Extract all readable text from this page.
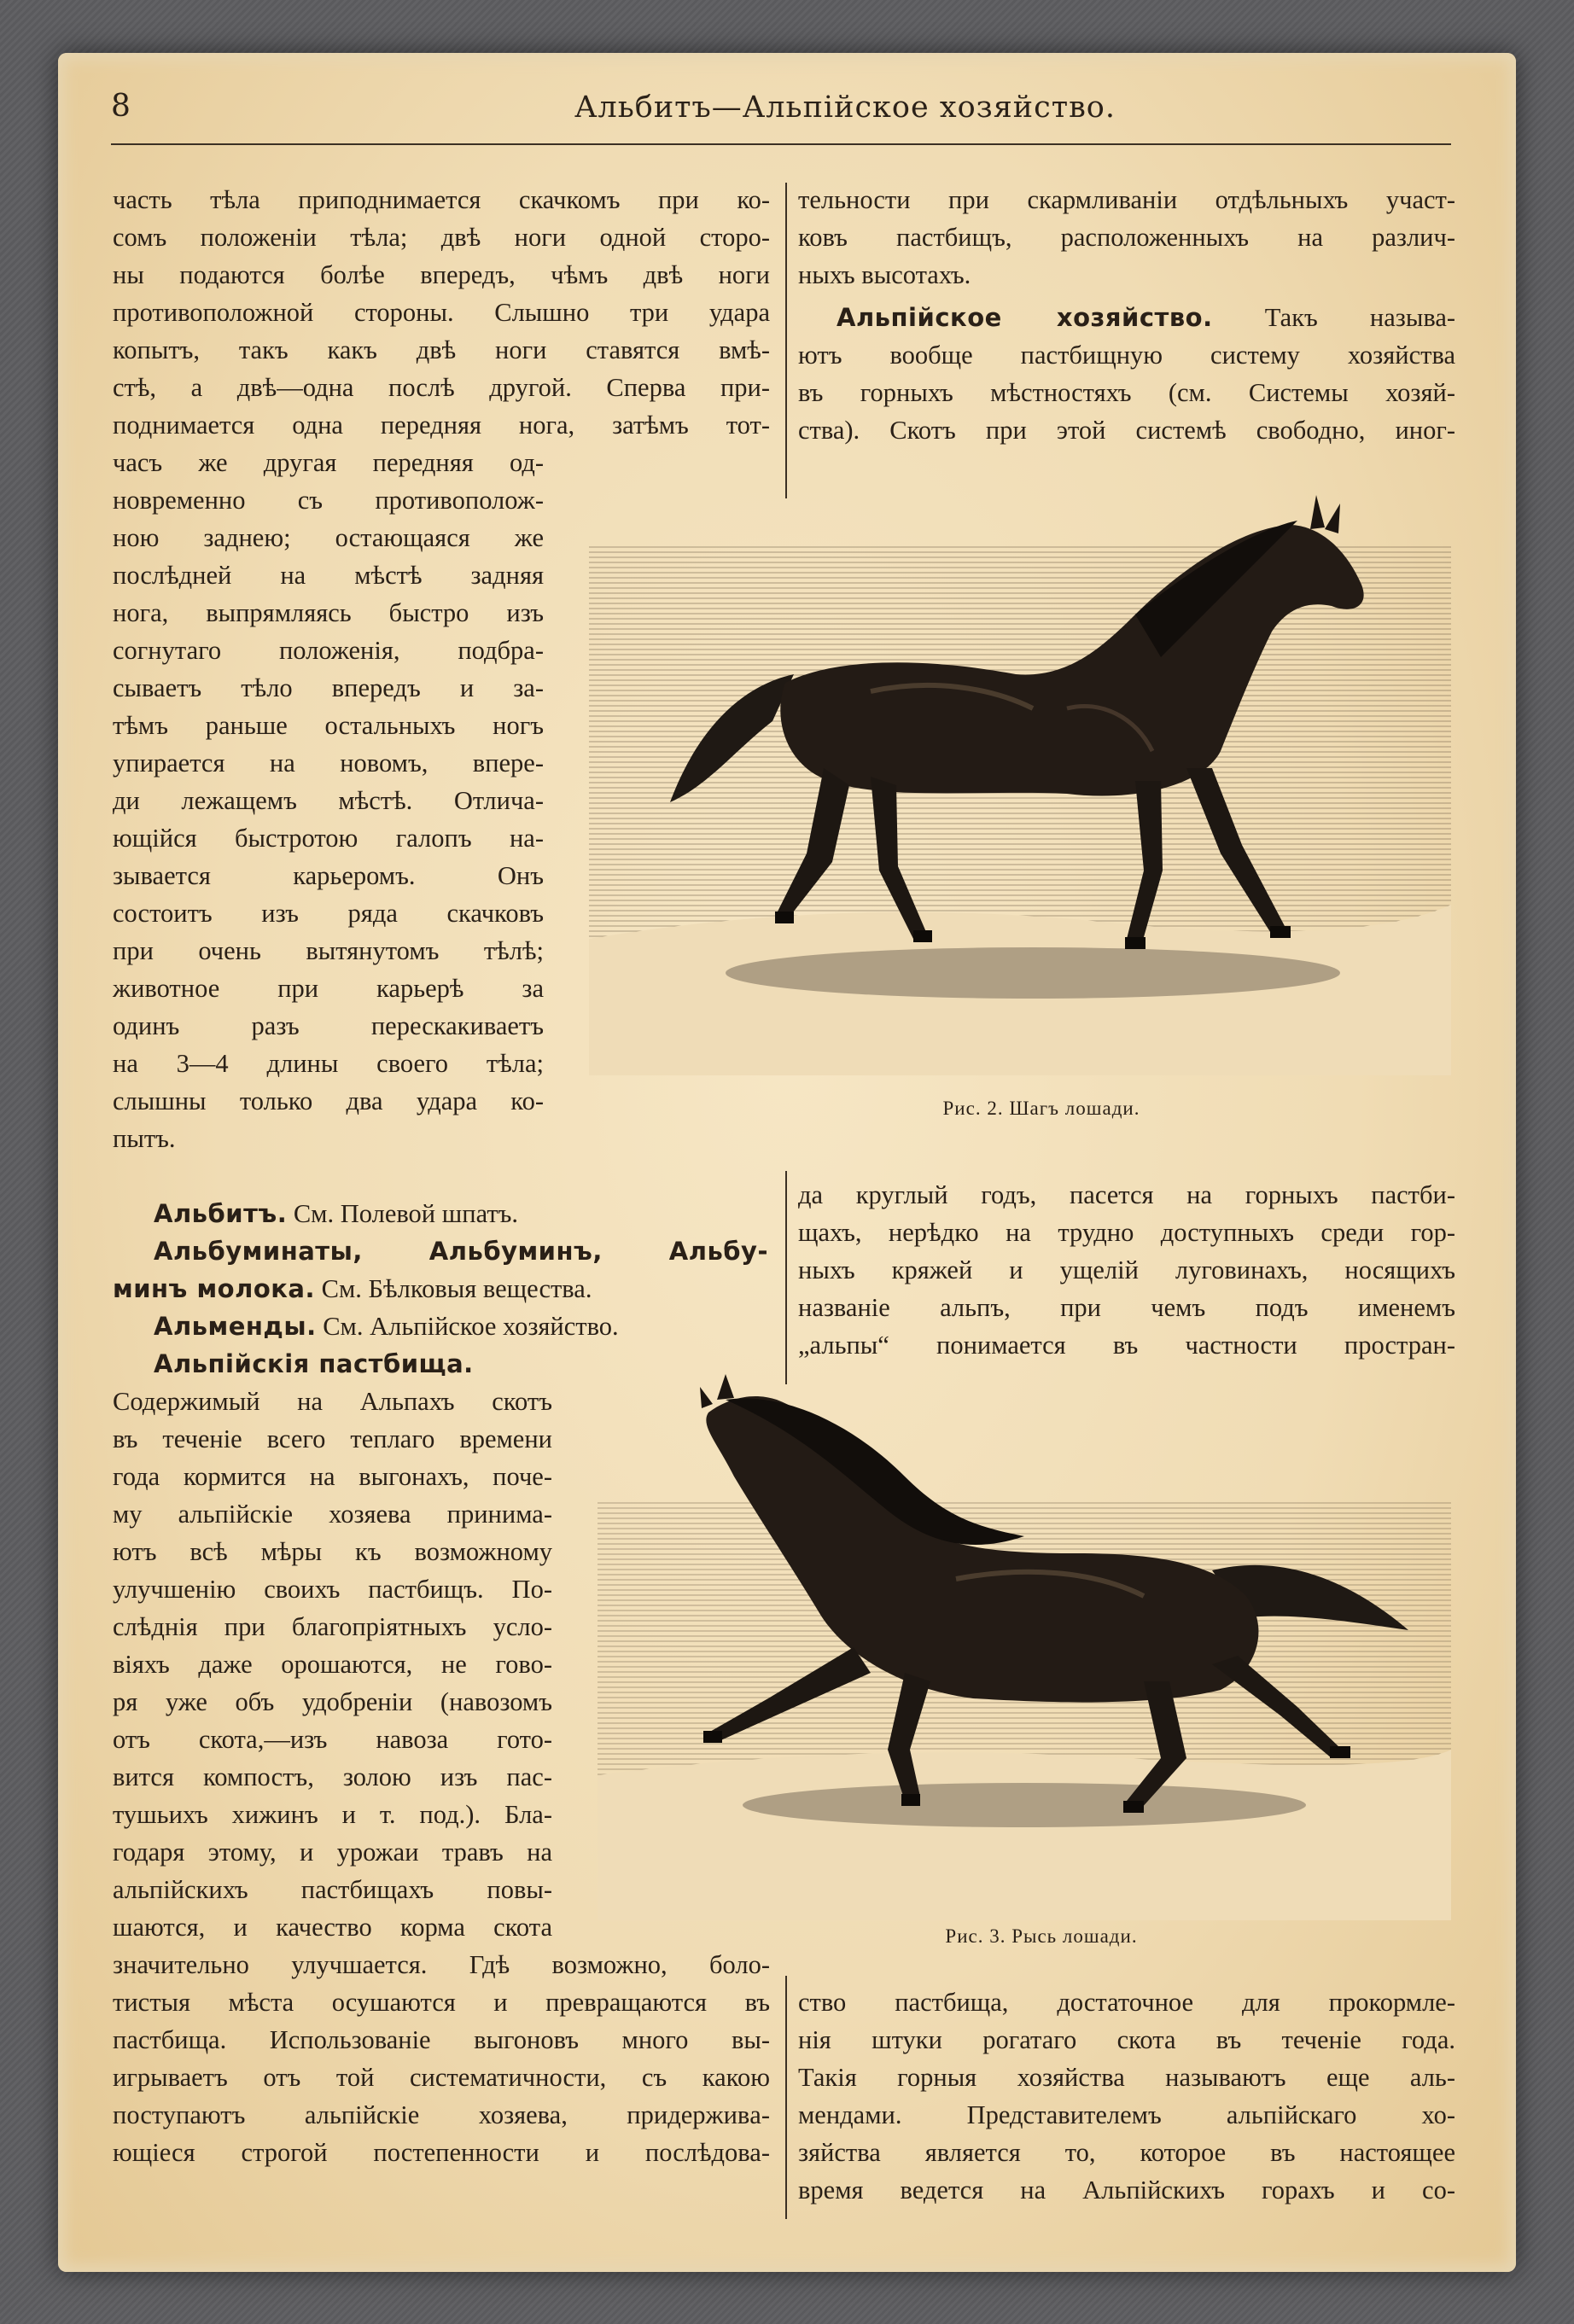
8	Альбитъ—Альпійское хозяйство.
часть тѣла приподнимается скачкомъ при ко-
сомъ положеніи тѣла; двѣ ноги одной сторо-
ны подаются болѣе впередъ, чѣмъ двѣ ноги
противоположной стороны. Слышно три удара
копытъ, такъ какъ двѣ ноги ставятся вмѣ-
стѣ, а двѣ—одна послѣ другой. Сперва при-
поднимается одна передняя нога, затѣмъ тот-
часъ же другая передняя од-
новременно съ противополож-
ною заднею; остающаяся же
послѣдней на мѣстѣ задняя
нога, выпрямляясь быстро изъ
согнутаго положенія, подбра-
сываетъ тѣло впередъ и за-
тѣмъ раньше остальныхъ ногъ
упирается на новомъ, впере-
ди лежащемъ мѣстѣ. Отлича-
ющійся быстротою галопъ на-
зывается карьеромъ. Онъ
состоитъ изъ ряда скачковъ
при очень вытянутомъ тѣлѣ;
животное при карьерѣ за
одинъ разъ перескакиваетъ
на 3—4 длины своего тѣла;
слышны только два удара ко-
пытъ.
Альбитъ. См. Полевой шпатъ.
Альбуминаты, Альбуминъ, Альбу-
минъ молока. См. Бѣлковыя вещества.
Альменды. См. Альпійское хозяйство.
Альпійскія пастбища.
Содержимый на Альпахъ скотъ
въ теченіе всего теплаго времени
года кормится на выгонахъ, поче-
му альпійскіе хозяева принима-
ютъ всѣ мѣры къ возможному
улучшенію своихъ пастбищъ. По-
слѣднія при благопріятныхъ усло-
віяхъ даже орошаются, не гово-
ря уже объ удобреніи (навозомъ
отъ скота,—изъ навоза гото-
вится компостъ, золою изъ пас-
тушьихъ хижинъ и т. под.). Бла-
годаря этому, и урожаи травъ на
альпійскихъ пастбищахъ повы-
шаются, и качество корма скота
значительно улучшается. Гдѣ возможно, боло-
тистыя мѣста осушаются и превращаются въ
пастбища. Использованіе выгоновъ много вы-
игрываетъ отъ той систематичности, съ какою
поступаютъ альпійскіе хозяева, придерживa-
ющіеся строгой постепенности и послѣдова-
тельности при скармливаніи отдѣльныхъ участ-
ковъ пастбищъ, расположенныхъ на различ-
ныхъ высотахъ.
Альпійское хозяйство. Такъ называ-
ютъ вообще пастбищную систему хозяйства
въ горныхъ мѣстностяхъ (см. Системы хозяй-
ства). Скотъ при этой системѣ свободно, иног-
Рис. 2. Шагъ лошади.
да круглый годъ, пасется на горныхъ пастби-
щахъ, нерѣдко на трудно доступныхъ среди гор-
ныхъ кряжей и ущелій луговинахъ, носящихъ
названіе альпъ, при чемъ подъ именемъ
„альпы“ понимается въ частности простран-
Рис. 3. Рысь лошади.
ство пастбища, достаточное для прокормле-
нія штуки рогатаго скота въ теченіе года.
Такія горныя хозяйства называютъ еще аль-
мендами. Представителемъ альпійскаго хо-
зяйства является то, которое въ настоящее
время ведется на Альпійскихъ горахъ и со-
